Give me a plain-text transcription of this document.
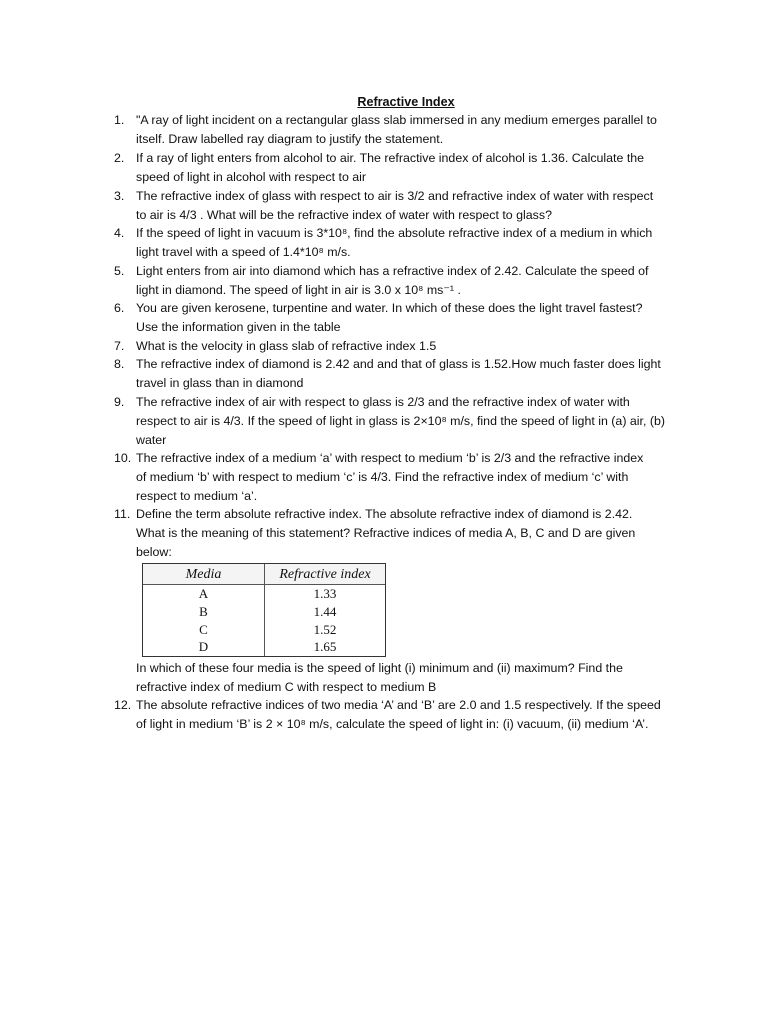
Refractive Index
1. "A ray of light incident on a rectangular glass slab immersed in any medium emerges parallel to
itself. Draw labelled ray diagram to justify the statement.
2. If a ray of light enters from alcohol to air. The refractive index of alcohol is 1.36. Calculate the
speed of light in alcohol with respect to air
3. The refractive index of glass with respect to air is 3/2 and refractive index of water with respect
to air is 4/3 . What will be the refractive index of water with respect to glass?
4. If the speed of light in vacuum is 3*10⁸, find the absolute refractive index of a medium in which
light travel with a speed of 1.4*10⁸ m/s.
5. Light enters from air into diamond which has a refractive index of 2.42. Calculate the speed of
light in diamond. The speed of light in air is 3.0 x 10⁸ ms⁻¹ .
6. You are given kerosene, turpentine and water. In which of these does the light travel fastest?
Use the information given in the table
7. What is the velocity in glass slab of refractive index 1.5
8. The refractive index of diamond is 2.42 and and that of glass is 1.52.How much faster does light
travel in glass than in diamond
9. The refractive index of air with respect to glass is 2/3 and the refractive index of water with
respect to air is 4/3. If the speed of light in glass is 2×10⁸ m/s, find the speed of light in (a) air, (b)
water
10. The refractive index of a medium ‘a’ with respect to medium ‘b’ is 2/3 and the refractive index
of medium ‘b’ with respect to medium ‘c’ is 4/3. Find the refractive index of medium ‘c’ with
respect to medium ‘a’.
11. Define the term absolute refractive index. The absolute refractive index of diamond is 2.42.
What is the meaning of this statement? Refractive indices of media A, B, C and D are given
below:
Media	Refractive index
A	1.33
B	1.44
C	1.52
D	1.65
In which of these four media is the speed of light (i) minimum and (ii) maximum? Find the
refractive index of medium C with respect to medium B
12. The absolute refractive indices of two media ‘A’ and ‘B’ are 2.0 and 1.5 respectively. If the speed
of light in medium ‘B’ is 2 × 10⁸ m/s, calculate the speed of light in: (i) vacuum, (ii) medium ‘A’.
